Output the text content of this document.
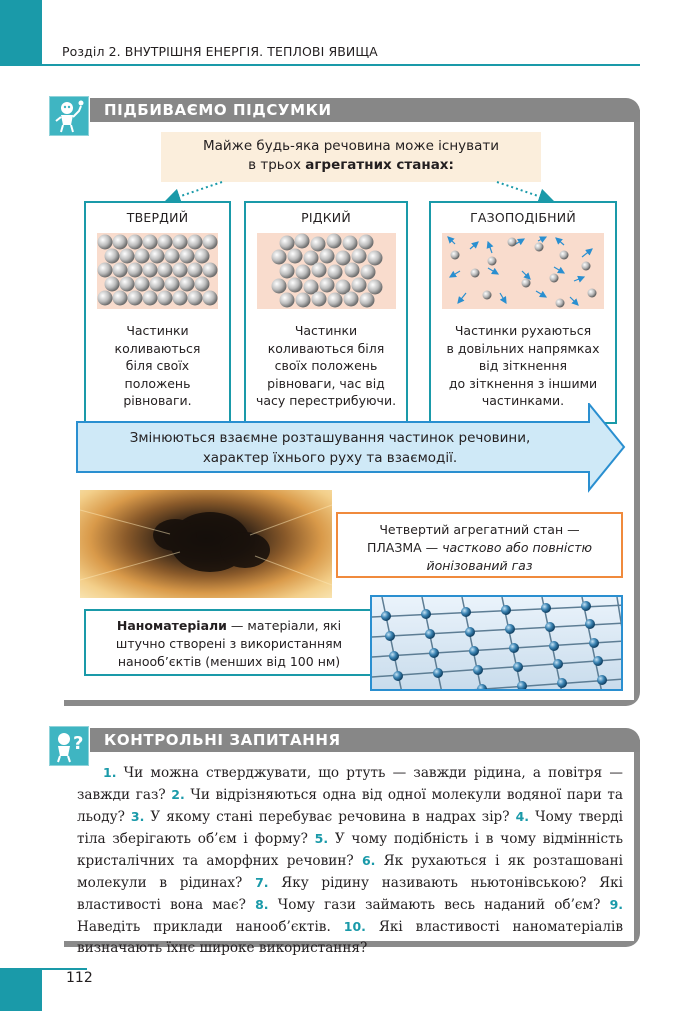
Розділ 2. ВНУТРІШНЯ ЕНЕРГІЯ. ТЕПЛОВІ ЯВИЩА
ПІДБИВАЄМО ПІДСУМКИ
Майже будь-яка речовина може існувати
в трьох агрегатних станах:
ТВЕРДИЙ
Частинки
коливаються
біля своїх
положень
рівноваги.
РІДКИЙ
Частинки
коливаються біля
своїх положень
рівноваги, час від
часу перестрибуючи.
ГАЗОПОДІБНИЙ
Частинки рухаються
в довільних напрямках
від зіткнення
до зіткнення з іншими
частинками.
Змінюються взаємне розташування частинок речовини,
характер їхнього руху та взаємодії.
Четвертий агрегатний стан —
ПЛАЗМА — частково або повністю
йонізований газ
Наноматеріали — матеріали, які
штучно створені з використанням
нанооб’єктів (менших від 100 нм)
КОНТРОЛЬНІ ЗАПИТАННЯ
?
1. Чи можна стверджувати, що ртуть — завжди рідина, а повітря — завжди газ? 2. Чи відрізняються одна від одної молекули водяної пари та льоду? 3. У якому стані перебуває речовина в надрах зір? 4. Чому тверді тіла зберігають об’єм і форму? 5. У чому подібність і в чому відмінність кристалічних та аморфних речовин? 6. Як рухаються і як розташовані молекули в рідинах? 7. Яку рідину називають ньютонівською? Які властивості вона має? 8. Чому гази займають весь наданий об’єм? 9. Наведіть приклади нанооб’єктів. 10. Які властивості наноматеріалів визначають їхнє широке використання?
112
